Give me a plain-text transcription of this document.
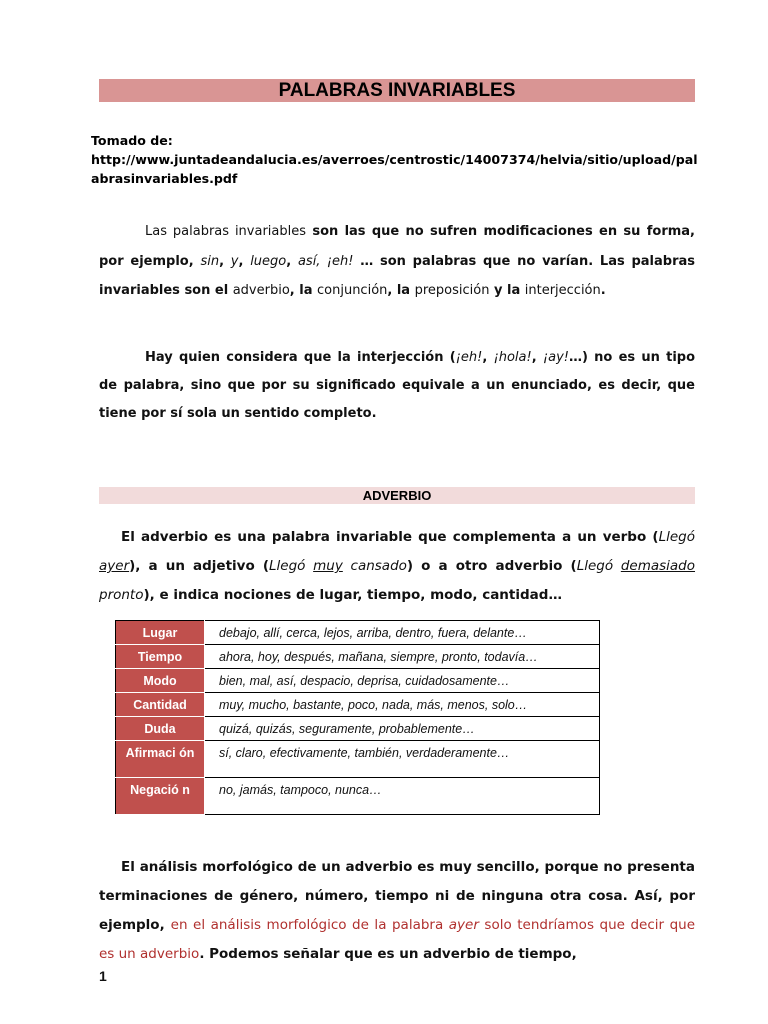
PALABRAS INVARIABLES
Tomado de:
http://www.juntadeandalucia.es/averroes/centrostic/14007374/helvia/sitio/upload/palabrasinvariables.pdf
Las palabras invariables son las que no sufren modificaciones en su forma, por ejemplo, sin, y, luego, así, ¡eh! … son palabras que no varían. Las palabras invariables son el adverbio, la conjunción, la preposición y la interjección.
Hay quien considera que la interjección (¡eh!, ¡hola!, ¡ay!…) no es un tipo de palabra, sino que por su significado equivale a un enunciado, es decir, que tiene por sí sola un sentido completo.
ADVERBIO
El adverbio es una palabra invariable que complementa a un verbo (Llegó ayer), a un adjetivo (Llegó muy cansado) o a otro adverbio (Llegó demasiado pronto), e indica nociones de lugar, tiempo, modo, cantidad…
Lugar	debajo, allí, cerca, lejos, arriba, dentro, fuera, delante…
Tiempo	ahora, hoy, después, mañana, siempre, pronto, todavía…
Modo	bien, mal, así, despacio, deprisa, cuidadosamente…
Cantidad	muy, mucho, bastante, poco, nada, más, menos, solo…
Duda	quizá, quizás, seguramente, probablemente…
Afirmaci ón	sí, claro, efectivamente, también, verdaderamente…
Negació n	no, jamás, tampoco, nunca…
El análisis morfológico de un adverbio es muy sencillo, porque no presenta terminaciones de género, número, tiempo ni de ninguna otra cosa. Así, por ejemplo, en el análisis morfológico de la palabra ayer solo tendríamos que decir que es un adverbio. Podemos señalar que es un adverbio de tiempo,
1
